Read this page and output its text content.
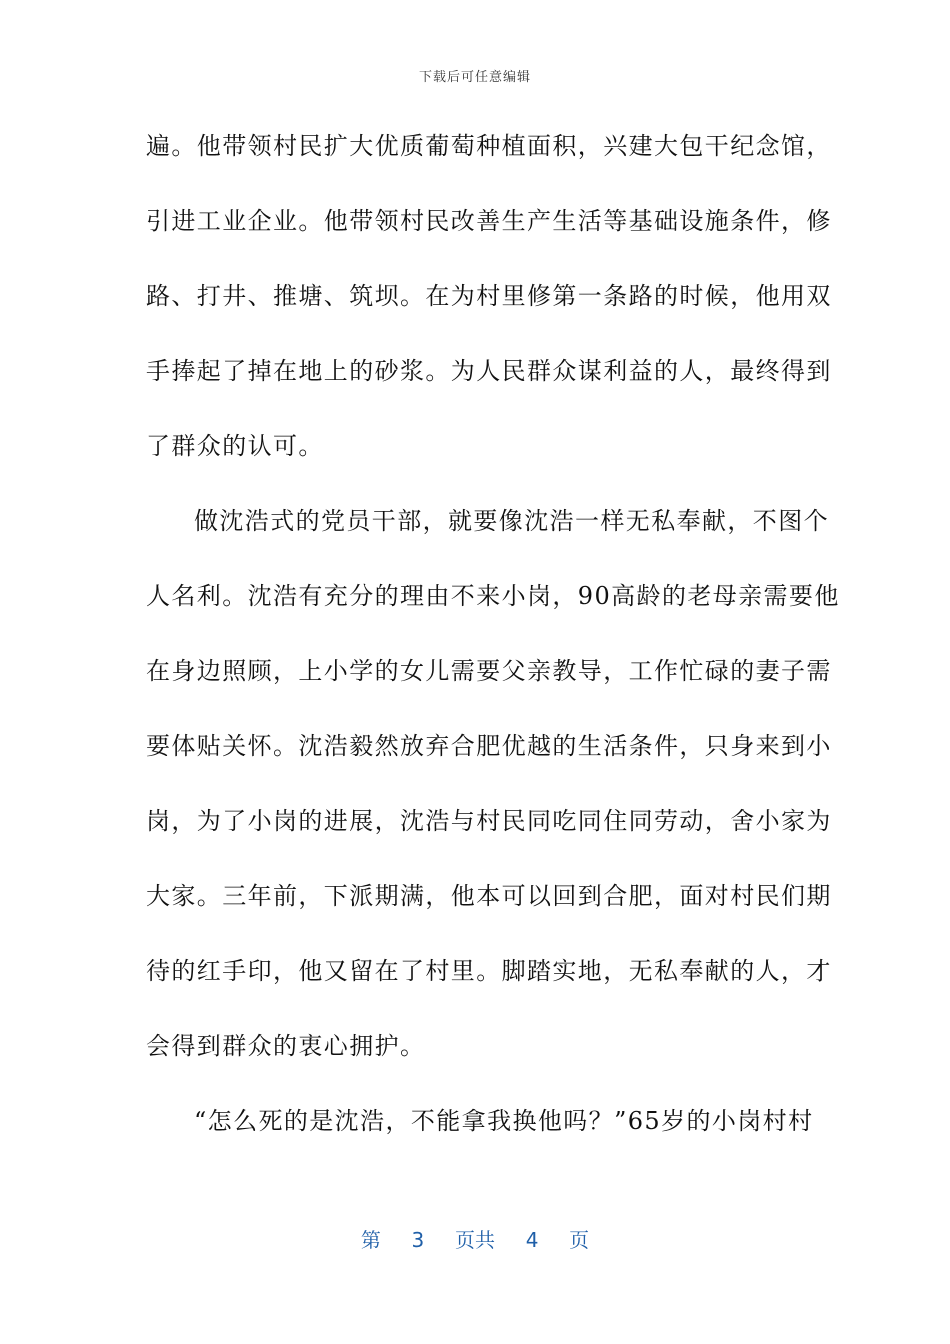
下载后可任意编辑
遍。他带领村民扩大优质葡萄种植面积，兴建大包干纪念馆，
引进工业企业。他带领村民改善生产生活等基础设施条件，修
路、打井、推塘、筑坝。在为村里修第一条路的时候，他用双
手捧起了掉在地上的砂浆。为人民群众谋利益的人，最终得到
了群众的认可。
做沈浩式的党员干部，就要像沈浩一样无私奉献，不图个
人名利。沈浩有充分的理由不来小岗，90高龄的老母亲需要他
在身边照顾，上小学的女儿需要父亲教导，工作忙碌的妻子需
要体贴关怀。沈浩毅然放弃合肥优越的生活条件，只身来到小
岗，为了小岗的进展，沈浩与村民同吃同住同劳动，舍小家为
大家。三年前，下派期满，他本可以回到合肥，面对村民们期
待的红手印，他又留在了村里。脚踏实地，无私奉献的人，才
会得到群众的衷心拥护。
“怎么死的是沈浩，不能拿我换他吗？”65岁的小岗村村
第 3 页共 4 页
